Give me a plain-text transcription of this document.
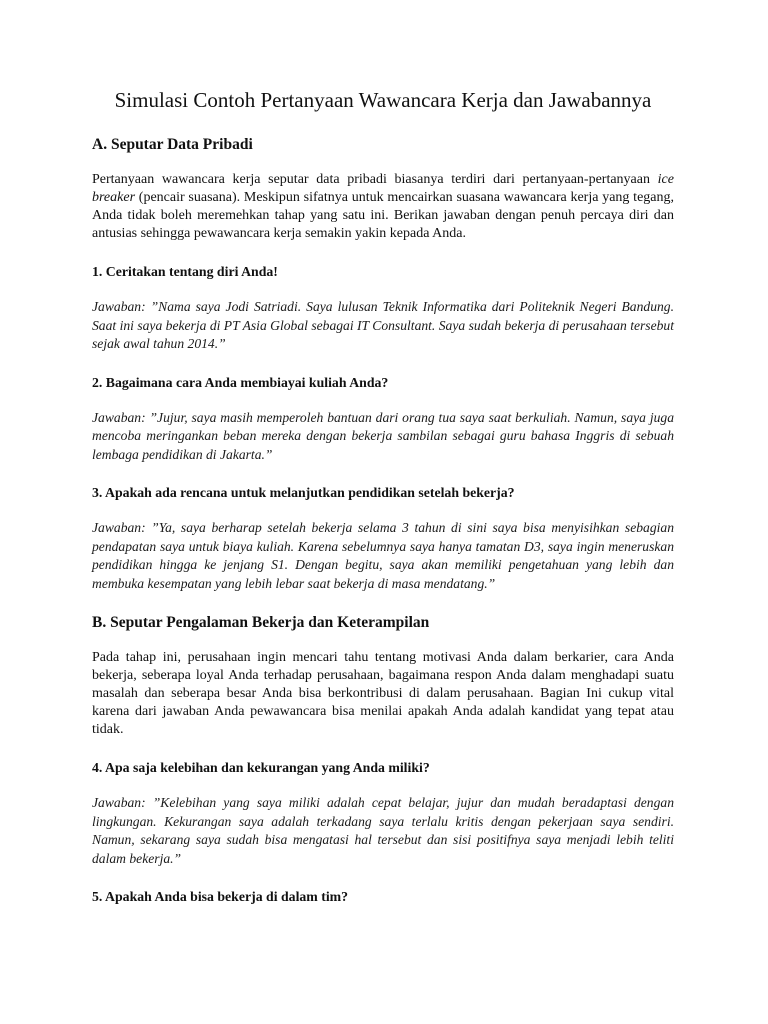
Simulasi Contoh Pertanyaan Wawancara Kerja dan Jawabannya
A. Seputar Data Pribadi

Pertanyaan wawancara kerja seputar data pribadi biasanya terdiri dari pertanyaan-pertanyaan ice breaker (pencair suasana). Meskipun sifatnya untuk mencairkan suasana wawancara kerja yang tegang, Anda tidak boleh meremehkan tahap yang satu ini. Berikan jawaban dengan penuh percaya diri dan antusias sehingga pewawancara kerja semakin yakin kepada Anda.

1. Ceritakan tentang diri Anda!

Jawaban: ”Nama saya Jodi Satriadi. Saya lulusan Teknik Informatika dari Politeknik Negeri Bandung. Saat ini saya bekerja di PT Asia Global sebagai IT Consultant. Saya sudah bekerja di perusahaan tersebut sejak awal tahun 2014.”

2. Bagaimana cara Anda membiayai kuliah Anda?

Jawaban: ”Jujur, saya masih memperoleh bantuan dari orang tua saya saat berkuliah. Namun, saya juga mencoba meringankan beban mereka dengan bekerja sambilan sebagai guru bahasa Inggris di sebuah lembaga pendidikan di Jakarta.”

3. Apakah ada rencana untuk melanjutkan pendidikan setelah bekerja?

Jawaban: ”Ya, saya berharap setelah bekerja selama 3 tahun di sini saya bisa menyisihkan sebagian pendapatan saya untuk biaya kuliah. Karena sebelumnya saya hanya tamatan D3, saya ingin meneruskan pendidikan hingga ke jenjang S1. Dengan begitu, saya akan memiliki pengetahuan yang lebih dan membuka kesempatan yang lebih lebar saat bekerja di masa mendatang.”

B. Seputar Pengalaman Bekerja dan Keterampilan

Pada tahap ini, perusahaan ingin mencari tahu tentang motivasi Anda dalam berkarier, cara Anda bekerja, seberapa loyal Anda terhadap perusahaan, bagaimana respon Anda dalam menghadapi suatu masalah dan seberapa besar Anda bisa berkontribusi di dalam perusahaan. Bagian Ini cukup vital karena dari jawaban Anda pewawancara bisa menilai apakah Anda adalah kandidat yang tepat atau tidak.

4. Apa saja kelebihan dan kekurangan yang Anda miliki?

Jawaban: ”Kelebihan yang saya miliki adalah cepat belajar, jujur dan mudah beradaptasi dengan lingkungan. Kekurangan saya adalah terkadang saya terlalu kritis dengan pekerjaan saya sendiri. Namun, sekarang saya sudah bisa mengatasi hal tersebut dan sisi positifnya saya menjadi lebih teliti dalam bekerja.”

5. Apakah Anda bisa bekerja di dalam tim?
